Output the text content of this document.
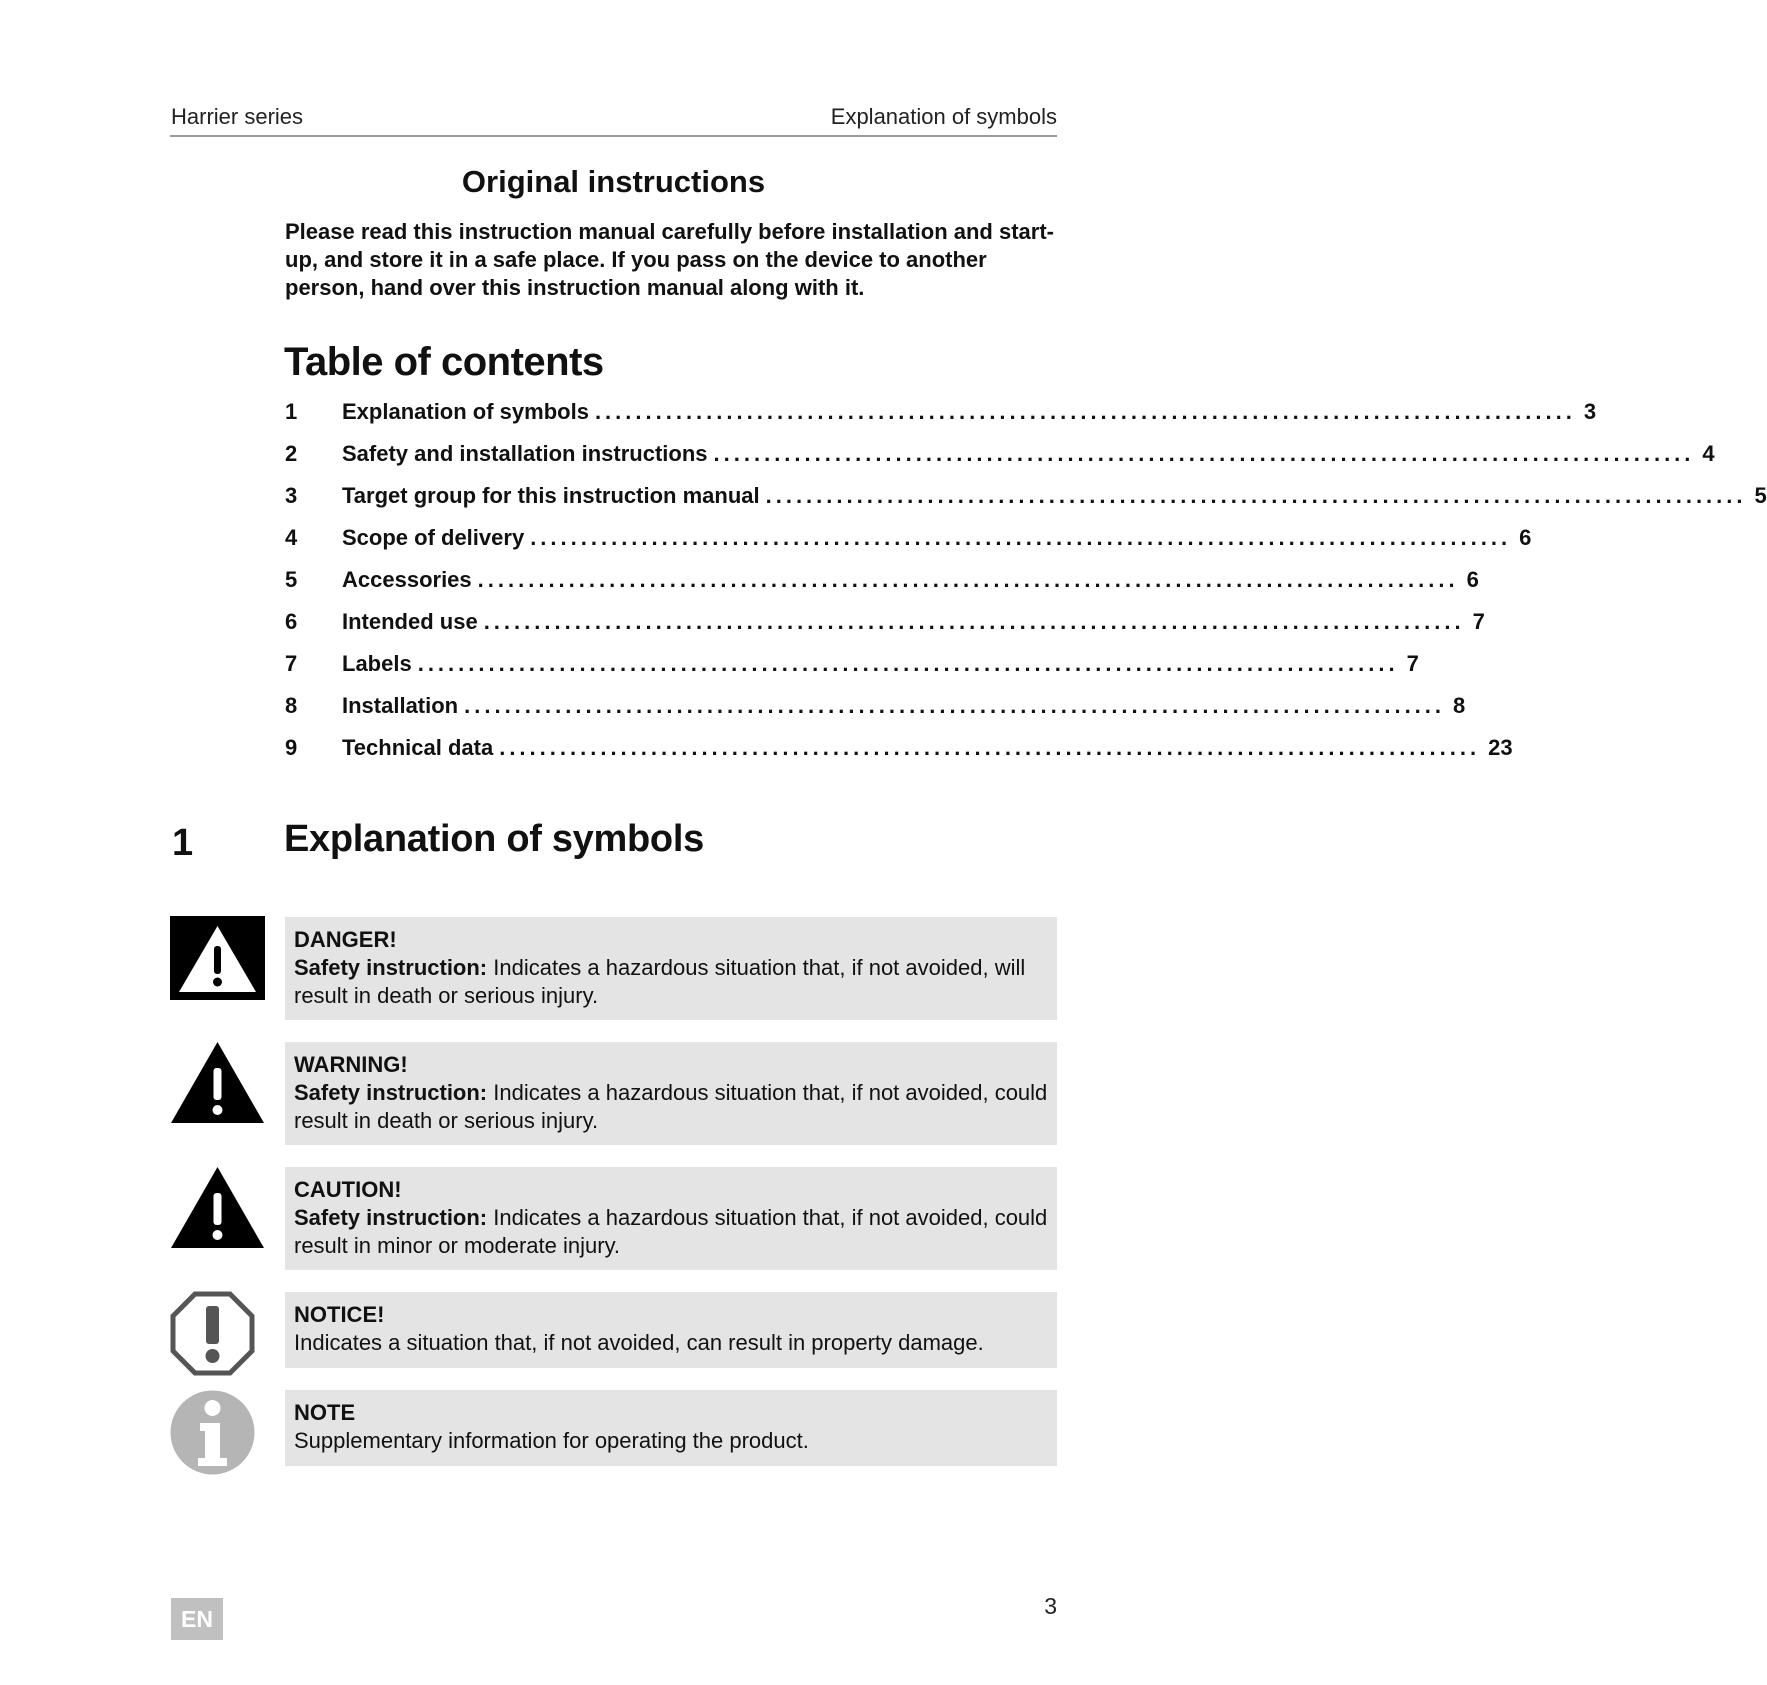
Harrier series	Explanation of symbols
Original instructions
Please read this instruction manual carefully before installation and start-up, and store it in a safe place. If you pass on the device to another person, hand over this instruction manual along with it.
Table of contents
1	Explanation of symbols ................................................................................................. 3
2	Safety and installation instructions ................................................................................................. 4
3	Target group for this instruction manual ................................................................................................. 5
4	Scope of delivery ................................................................................................. 6
5	Accessories ................................................................................................. 6
6	Intended use ................................................................................................. 7
7	Labels ................................................................................................. 7
8	Installation ................................................................................................. 8
9	Technical data ................................................................................................. 23
1 Explanation of symbols
DANGER!
Safety instruction: Indicates a hazardous situation that, if not avoided, will result in death or serious injury.
WARNING!
Safety instruction: Indicates a hazardous situation that, if not avoided, could result in death or serious injury.
CAUTION!
Safety instruction: Indicates a hazardous situation that, if not avoided, could result in minor or moderate injury.
NOTICE!
Indicates a situation that, if not avoided, can result in property damage.
NOTE
Supplementary information for operating the product.
EN	3
